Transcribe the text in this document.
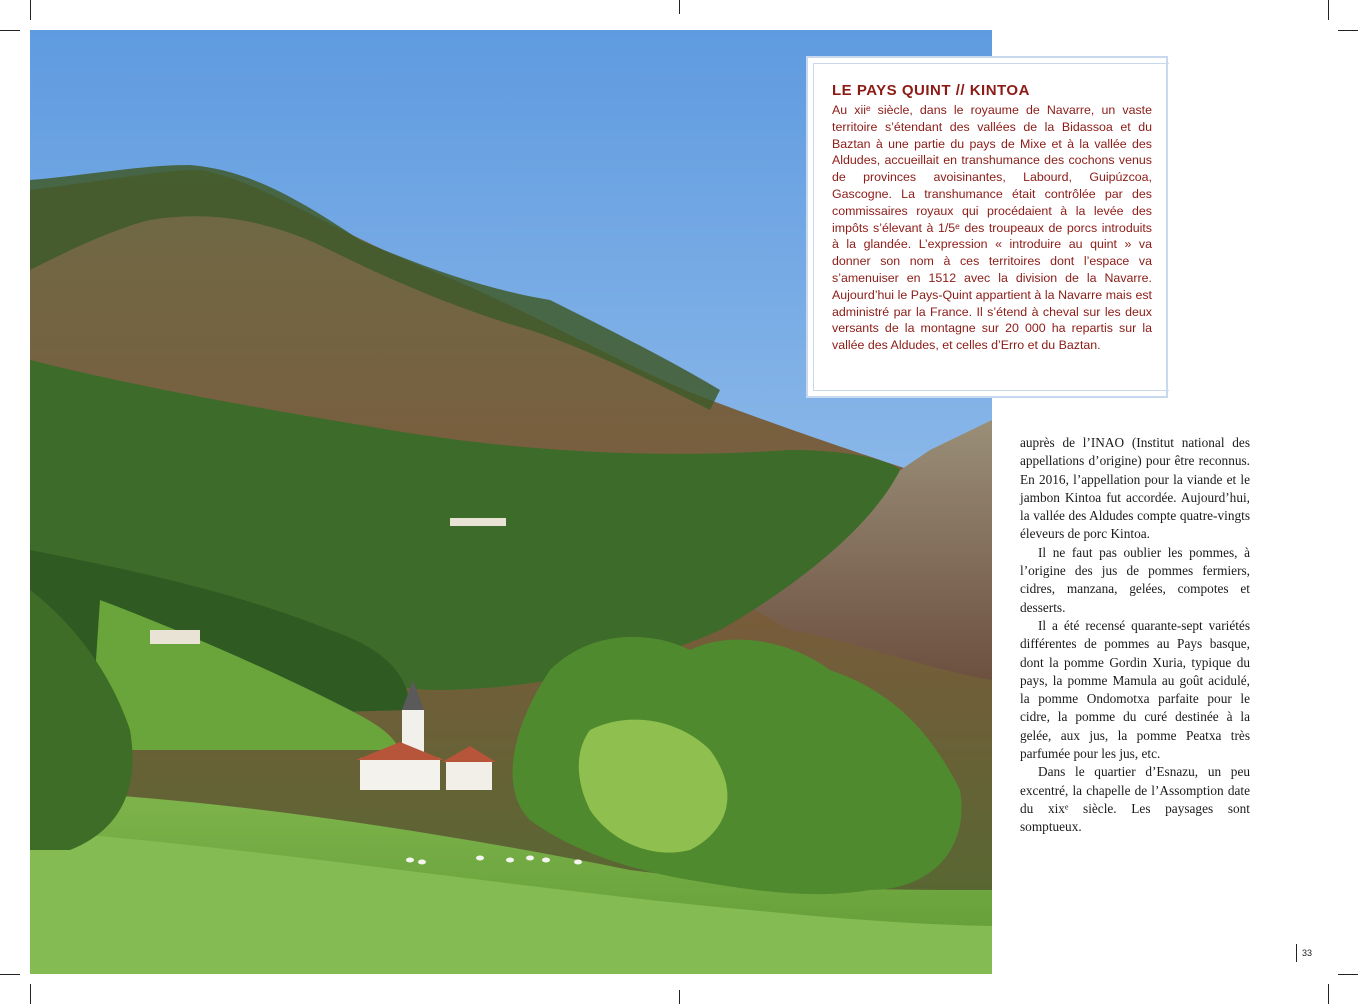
LE PAYS QUINT // KINTOA

Au xiiᵉ siècle, dans le royaume de Navarre, un vaste territoire s’étendant des vallées de la Bidassoa et du Baztan à une partie du pays de Mixe et à la vallée des Aldudes, accueillait en transhumance des cochons venus de provinces avoisinantes, Labourd, Guipúzcoa, Gascogne. La transhumance était contrôlée par des commissaires royaux qui procédaient à la levée des impôts s’élevant à 1/5ᵉ des troupeaux de porcs introduits à la glandée. L’expression « introduire au quint » va donner son nom à ces territoires dont l’espace va s’amenuiser en 1512 avec la division de la Navarre. Aujourd’hui le Pays-Quint appartient à la Navarre mais est administré par la France. Il s’étend à cheval sur les deux versants de la montagne sur 20 000 ha repartis sur la vallée des Aldudes, et celles d’Erro et du Baztan.

auprès de l’INAO (Institut national des appellations d’origine) pour être reconnus. En 2016, l’appellation pour la viande et le jambon Kintoa fut accordée. Aujourd’hui, la vallée des Aldudes compte quatre-vingts éleveurs de porc Kintoa.

Il ne faut pas oublier les pommes, à l’origine des jus de pommes fermiers, cidres, manzana, gelées, compotes et desserts.

Il a été recensé quarante-sept variétés différentes de pommes au Pays basque, dont la pomme Gordin Xuria, typique du pays, la pomme Mamula au goût acidulé, la pomme Ondomotxa parfaite pour le cidre, la pomme du curé destinée à la gelée, aux jus, la pomme Peatxa très parfumée pour les jus, etc.

Dans le quartier d’Esnazu, un peu excentré, la chapelle de l’Assomption date du xixᵉ siècle. Les paysages sont somptueux.

33
